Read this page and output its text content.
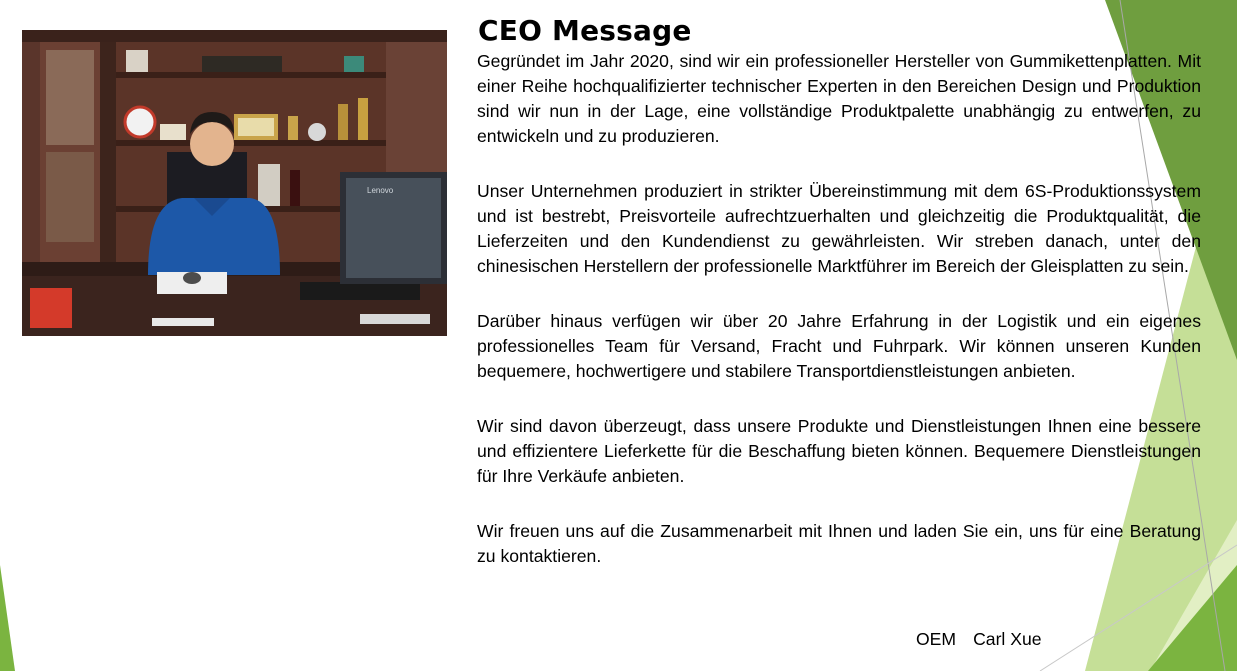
Lenovo
CEO Message

Gegründet im Jahr 2020, sind wir ein professioneller Hersteller von Gummikettenplatten. Mit einer Reihe hochqualifizierter technischer Experten in den Bereichen Design und Produktion sind wir nun in der Lage, eine vollständige Produktpalette unabhängig zu entwerfen, zu entwickeln und zu produzieren.

Unser Unternehmen produziert in strikter Übereinstimmung mit dem 6S-Produktionssystem und ist bestrebt, Preisvorteile aufrechtzuerhalten und gleichzeitig die Produktqualität, die Lieferzeiten und den Kundendienst zu gewährleisten. Wir streben danach, unter den chinesischen Herstellern der professionelle Marktführer im Bereich der Gleisplatten zu sein.

Darüber hinaus verfügen wir über 20 Jahre Erfahrung in der Logistik und ein eigenes professionelles Team für Versand, Fracht und Fuhrpark. Wir können unseren Kunden bequemere, hochwertigere und stabilere Transportdienstleistungen anbieten.

Wir sind davon überzeugt, dass unsere Produkte und Dienstleistungen Ihnen eine bessere und effizientere Lieferkette für die Beschaffung bieten können. Bequemere Dienstleistungen für Ihre Verkäufe anbieten.

Wir freuen uns auf die Zusammenarbeit mit Ihnen und laden Sie ein, uns für eine Beratung zu kontaktieren.

OEM Carl Xue
